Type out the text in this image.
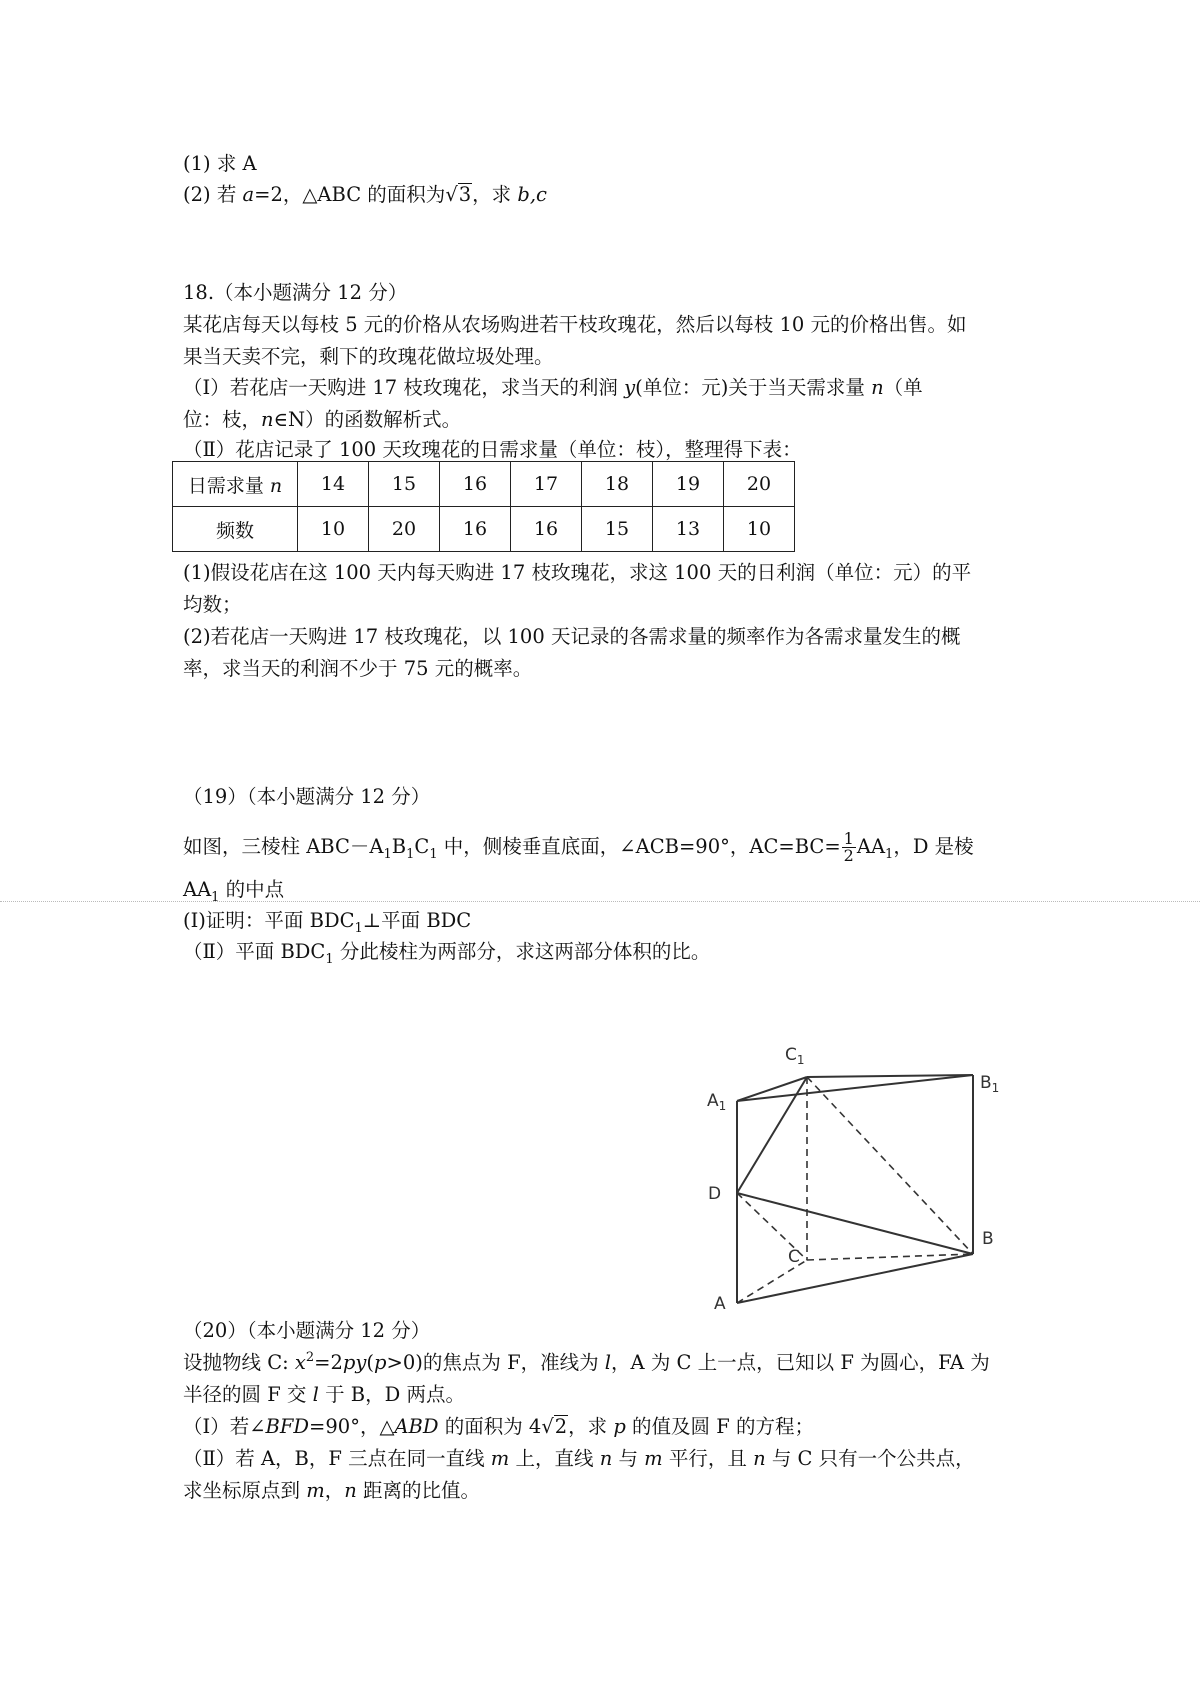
(1) 求 A
(2) 若 a=2，△ABC 的面积为√3，求 b,c
18.（本小题满分 12 分）
某花店每天以每枝 5 元的价格从农场购进若干枝玫瑰花，然后以每枝 10 元的价格出售。如
果当天卖不完，剩下的玫瑰花做垃圾处理。
（Ⅰ）若花店一天购进 17 枝玫瑰花，求当天的利润 y(单位：元)关于当天需求量 n（单
位：枝，n∈N）的函数解析式。
（Ⅱ）花店记录了 100 天玫瑰花的日需求量（单位：枝），整理得下表：
日需求量 n	14	15	16	17	18	19	20
频数	10	20	16	16	15	13	10
(1)假设花店在这 100 天内每天购进 17 枝玫瑰花，求这 100 天的日利润（单位：元）的平
均数；
(2)若花店一天购进 17 枝玫瑰花，以 100 天记录的各需求量的频率作为各需求量发生的概
率，求当天的利润不少于 75 元的概率。
（19）（本小题满分 12 分）
如图，三棱柱 $ABC-A_1B_1C_1$ 中，侧棱垂直底面，∠ACB=90°，$AC=BC= \frac{1}{2} AA_1$，D 是棱
$AA_1$ 的中点
(Ⅰ)证明：平面 $BDC_1\perp$平面 BDC
（Ⅱ）平面 $BDC_1$ 分此棱柱为两部分，求这两部分体积的比。
$C_1$
$B_1$
$A_1$
D
B
C
A
（20）（本小题满分 12 分）
设抛物线 C: $x^2=2py(p>0)$的焦点为 F，准线为 l，A 为 C 上一点，已知以 F 为圆心，FA 为
半径的圆 F 交 l 于 B，D 两点。
（Ⅰ）若∠BFD=90°，△ABD 的面积为 4√2，求 p 的值及圆 F 的方程；
（Ⅱ）若 A，B，F 三点在同一直线 m 上，直线 n 与 m 平行，且 n 与 C 只有一个公共点，
求坐标原点到 m，n 距离的比值。
